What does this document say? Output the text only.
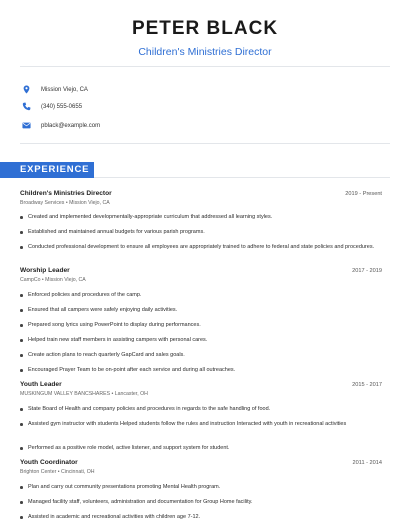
PETER BLACK
Children's Ministries Director
Mission Viejo, CA
(340) 555-0655
pblack@example.com
EXPERIENCE
Children's Ministries Director	2019 - Present
Broadway Services • Mission Viejo, CA
Created and implemented developmentally-appropriate curriculum that addressed all learning styles.
Established and maintained annual budgets for various parish programs.
Conducted professional development to ensure all employees are appropriately trained to adhere to federal and state policies and procedures.
Worship Leader	2017 - 2019
CampCo • Mission Viejo, CA
Enforced policies and procedures of the camp.
Ensured that all campers were safely enjoying daily activities.
Prepared song lyrics using PowerPoint to display during performances.
Helped train new staff members in assisting campers with personal cares.
Create action plans to reach quarterly GapCard and sales goals.
Encouraged Prayer Team to be on-point after each service and during all outreaches.
Youth Leader	2015 - 2017
MUSKINGUM VALLEY BANCSHARES • Lancaster, OH
State Board of Health and company policies and procedures in regards to the safe handling of food.
Assisted gym instructor with students Helped students follow the rules and instruction Interacted with youth in recreational activities
Performed as a positive role model, active listener, and support system for student.
Youth Coordinator	2011 - 2014
Brighton Center • Cincinnati, OH
Plan and carry out community presentations promoting Mental Health program.
Managed facility staff, volunteers, administration and documentation for Group Home facility.
Assisted in academic and recreational activities with children age 7-12.
